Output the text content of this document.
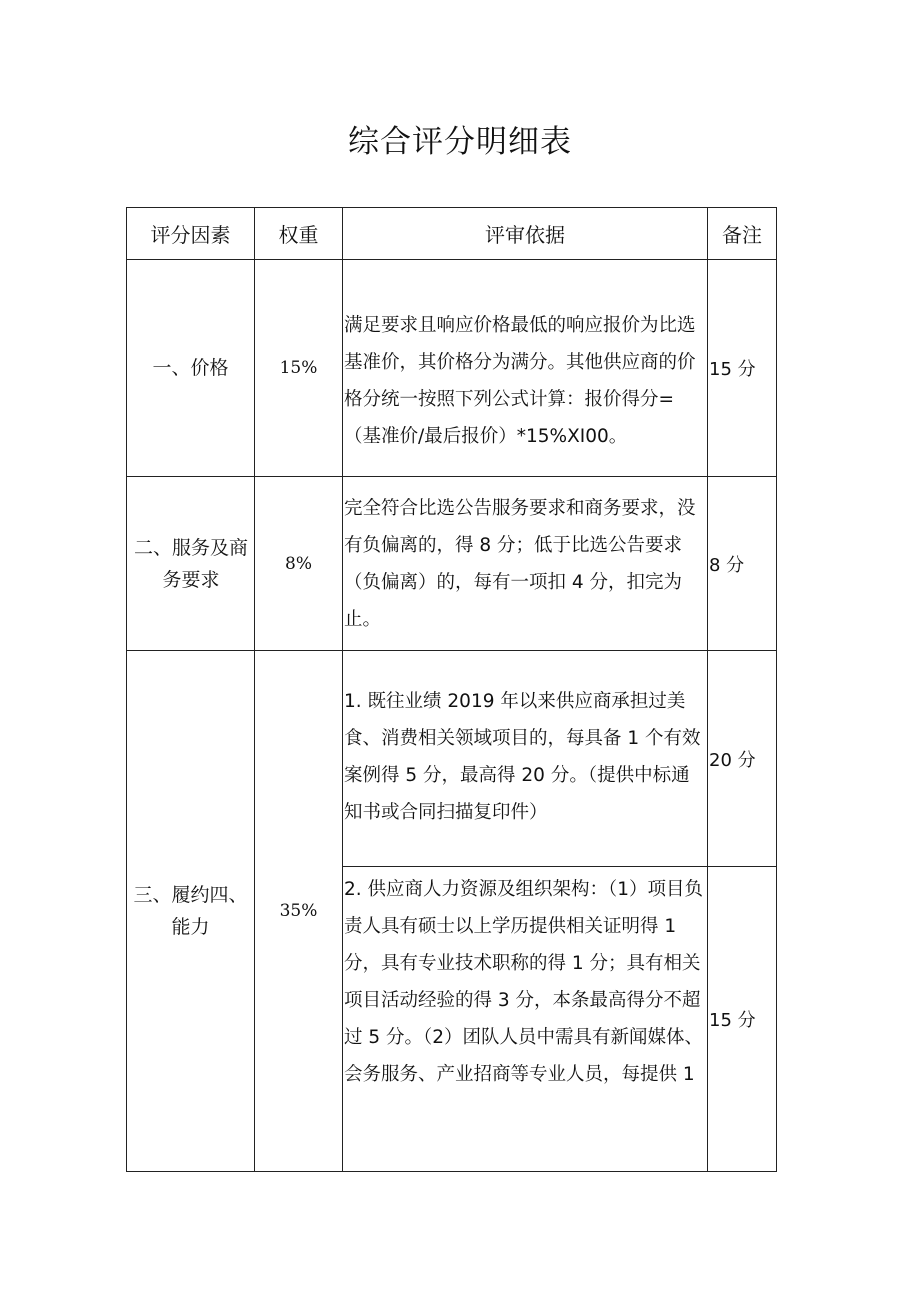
综合评分明细表
评分因素	权重	评审依据	备注
一、价格	15%	满足要求且响应价格最低的响应报价为比选基准价，其价格分为满分。其他供应商的价格分统一按照下列公式计算：报价得分=（基准价/最后报价）*15%XI00。	15 分

二、服务及商务要求	8%	完全符合比选公告服务要求和商务要求，没有负偏离的，得 8 分；低于比选公告要求（负偏离）的，每有一项扣 4 分，扣完为止。	8 分

三、履约四、能力	35%	1. 既往业绩 2019 年以来供应商承担过美食、消费相关领域项目的，每具备 1 个有效案例得 5 分，最高得 20 分。（提供中标通知书或合同扫描复印件）	20 分

		2. 供应商人力资源及组织架构：（1）项目负责人具有硕士以上学历提供相关证明得 1 分，具有专业技术职称的得 1 分；具有相关项目活动经验的得 3 分，本条最高得分不超过 5 分。（2）团队人员中需具有新闻媒体、会务服务、产业招商等专业人员，每提供 1	15 分
